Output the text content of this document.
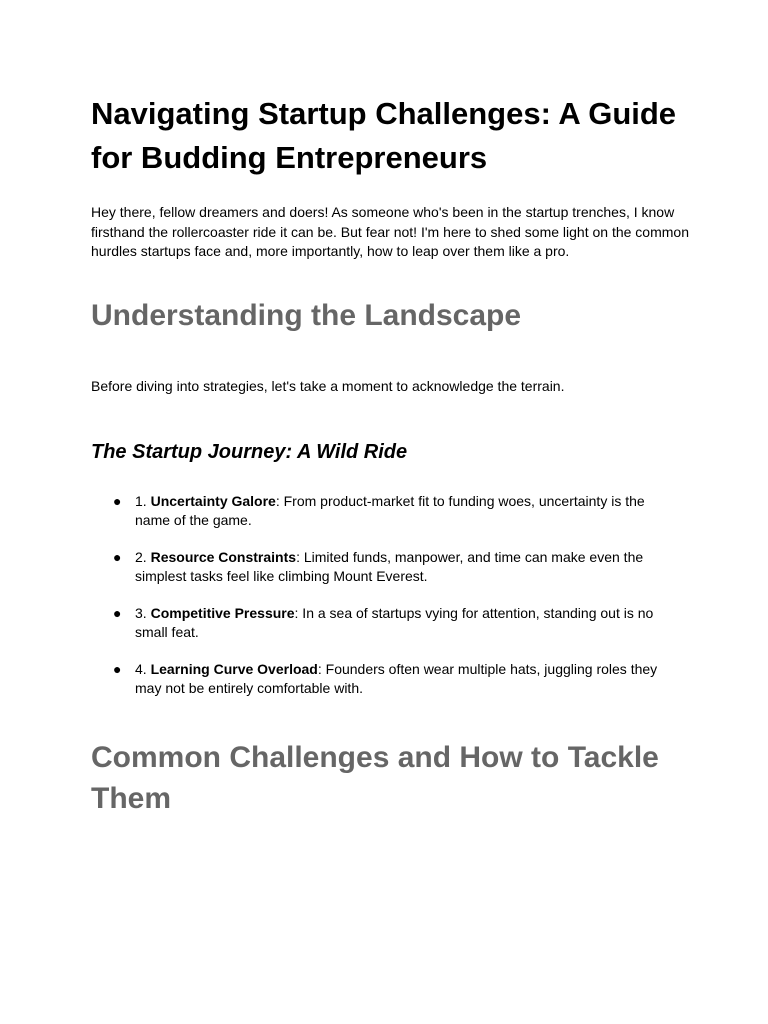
Navigating Startup Challenges: A Guide for Budding Entrepreneurs

Hey there, fellow dreamers and doers! As someone who's been in the startup trenches, I know firsthand the rollercoaster ride it can be. But fear not! I'm here to shed some light on the common hurdles startups face and, more importantly, how to leap over them like a pro.

Understanding the Landscape

Before diving into strategies, let's take a moment to acknowledge the terrain.

The Startup Journey: A Wild Ride
● 1. Uncertainty Galore: From product-market fit to funding woes, uncertainty is the name of the game.
● 2. Resource Constraints: Limited funds, manpower, and time can make even the simplest tasks feel like climbing Mount Everest.
● 3. Competitive Pressure: In a sea of startups vying for attention, standing out is no small feat.
● 4. Learning Curve Overload: Founders often wear multiple hats, juggling roles they may not be entirely comfortable with.
Common Challenges and How to Tackle Them
